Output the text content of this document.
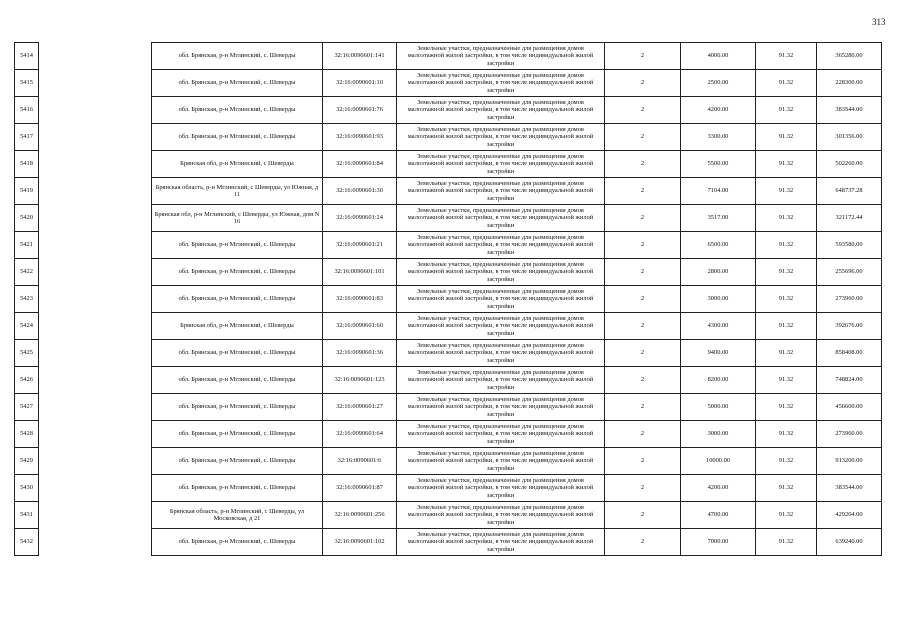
313
5414		обл. Брянская, р-н Мглинский, с. Шеверды	32:16:0090601:141	Земельные участки, предназначенные для размещения домов малоэтажной жилой застройки, в том числе индивидуальной жилой застройки	2	4000.00	91.32	365280.00
5415		обл. Брянская, р-н Мглинский, с. Шеверды	32:16:0090601:10	Земельные участки, предназначенные для размещения домов малоэтажной жилой застройки, в том числе индивидуальной жилой застройки	2	2500.00	91.32	228300.00
5416		обл. Брянская, р-н Мглинский, с. Шеверды	32:16:0090601:76	Земельные участки, предназначенные для размещения домов малоэтажной жилой застройки, в том числе индивидуальной жилой застройки	2	4200.00	91.32	383544.00
5417		обл. Брянская, р-н Мглинский, с. Шеверды	32:16:0090601:93	Земельные участки, предназначенные для размещения домов малоэтажной жилой застройки, в том числе индивидуальной жилой застройки	2	3300.00	91.32	301356.00
5418		Брянская обл, р-н Мглинский, с Шеверды	32:16:0090601:84	Земельные участки, предназначенные для размещения домов малоэтажной жилой застройки, в том числе индивидуальной жилой застройки	2	5500.00	91.32	502260.00
5419		Брянская область, р-н Мглинский, с Шеверды, ул Южная, д 11	32:16:0090601:30	Земельные участки, предназначенные для размещения домов малоэтажной жилой застройки, в том числе индивидуальной жилой застройки	2	7104.00	91.32	648737.28
5420		Брянская обл, р-н Мглинский, с Шеверды, ул Южная, дом N 16	32:16:0090601:24	Земельные участки, предназначенные для размещения домов малоэтажной жилой застройки, в том числе индивидуальной жилой застройки	2	3517.00	91.32	321172.44
5421		обл. Брянская, р-н Мглинский, с. Шеверды	32:16:0090601:21	Земельные участки, предназначенные для размещения домов малоэтажной жилой застройки, в том числе индивидуальной жилой застройки	2	6500.00	91.32	593580.00
5422		обл. Брянская, р-н Мглинский, с. Шеверды	32:16:0090601:101	Земельные участки, предназначенные для размещения домов малоэтажной жилой застройки, в том числе индивидуальной жилой застройки	2	2800.00	91.32	255696.00
5423		обл. Брянская, р-н Мглинский, с. Шеверды	32:16:0090601:83	Земельные участки, предназначенные для размещения домов малоэтажной жилой застройки, в том числе индивидуальной жилой застройки	2	3000.00	91.32	273960.00
5424		Брянская обл, р-н Мглинский, с Шеверды	32:16:0090601:60	Земельные участки, предназначенные для размещения домов малоэтажной жилой застройки, в том числе индивидуальной жилой застройки	2	4300.00	91.32	392676.00
5425		обл. Брянская, р-н Мглинский, с. Шеверды	32:16:0090601:36	Земельные участки, предназначенные для размещения домов малоэтажной жилой застройки, в том числе индивидуальной жилой застройки	2	9400.00	91.32	858408.00
5426		обл. Брянская, р-н Мглинский, с. Шеверды	32:16:0090601:123	Земельные участки, предназначенные для размещения домов малоэтажной жилой застройки, в том числе индивидуальной жилой застройки	2	8200.00	91.32	748824.00
5427		обл. Брянская, р-н Мглинский, с. Шеверды	32:16:0090601:27	Земельные участки, предназначенные для размещения домов малоэтажной жилой застройки, в том числе индивидуальной жилой застройки	2	5000.00	91.32	456600.00
5428		обл. Брянская, р-н Мглинский, с. Шеверды	32:16:0090601:64	Земельные участки, предназначенные для размещения домов малоэтажной жилой застройки, в том числе индивидуальной жилой застройки	2	3000.00	91.32	273960.00
5429		обл. Брянская, р-н Мглинский, с. Шеверды	32:16:0090601:6	Земельные участки, предназначенные для размещения домов малоэтажной жилой застройки, в том числе индивидуальной жилой застройки	2	10000.00	91.32	913200.00
5430		обл. Брянская, р-н Мглинский, с. Шеверды	32:16:0090601:87	Земельные участки, предназначенные для размещения домов малоэтажной жилой застройки, в том числе индивидуальной жилой застройки	2	4200.00	91.32	383544.00
5431		Брянская область, р-н Мглинский, с Шеверды, ул Московская, д 21	32:16:0090601:256	Земельные участки, предназначенные для размещения домов малоэтажной жилой застройки, в том числе индивидуальной жилой застройки	2	4700.00	91.32	429204.00
5432		обл. Брянская, р-н Мглинский, с. Шеверды	32:16:0090601:102	Земельные участки, предназначенные для размещения домов малоэтажной жилой застройки, в том числе индивидуальной жилой застройки	2	7000.00	91.32	639240.00
